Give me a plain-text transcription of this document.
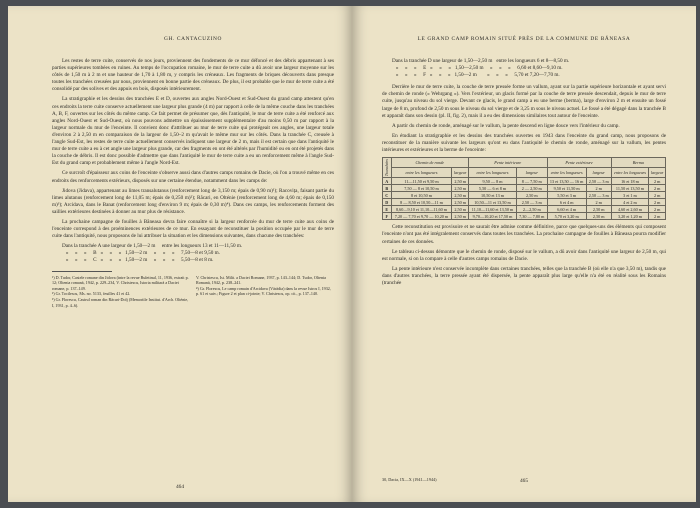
GH. CANTACUZINO

Les restes de terre cuite, conservés de nos jours, proviennent des fondements de ce mur défoncé et des débris appartenant à ses parties supérieures tombées en ruines. Au temps de l'occupation romaine, le mur de terre cuite a dû avoir une largeur moyenne sur les côtés de 1,50 m à 2 m et une hauteur de 1,70 à 1,80 m, y compris les créneaux. Les fragments de briques découverts dans presque toutes les tranchées creusées par nous, proviennent en bonne partie des créneaux. De plus, il est probable que le mur de terre cuite a été consolidé par des solives et des appuis en bois, disposés intérieurement.

La stratigraphie et les dessins des tranchées E et D, ouvertes aux angles Nord-Ouest et Sud-Ouest du grand camp attestent qu'en ces endroits la terre cuite conserve actuellement une largeur plus grande (4 m) par rapport à celle de la même couche dans les tranchées A, B, F, ouvertes sur les côtés du même camp. Ce fait permet de présumer que, dès l'antiquité, le mur de terre cuite a été renforcé aux angles Nord-Ouest et Sud-Ouest, où nous pouvons admettre un épaississement supplémentaire d'au moins 0,50 m par rapport à la largeur normale du mur de l'enceinte. Il convient donc d'attribuer au mur de terre cuite qui protégeait ces angles, une largeur totale d'environ 2 à 2,50 m en comparaison de la largeur de 1,50–2 m qu'avait le même mur sur les côtés. Dans la tranchée C, creusée à l'angle Sud-Est, les restes de terre cuite actuellement conservés indiquent une largeur de 2 m, mais il est certain que dans l'antiquité le mur de terre cuite a eu à cet angle une largeur plus grande, car des fragments en ont été altérés par l'humidité ou en ont été projetés dans la couche de débris. Il est donc possible d'admettre que dans l'antiquité le mur de terre cuite a eu un renforcement même à l'angle Sud-Est du grand camp et probablement même à l'angle Nord-Est.

Ce surcroît d'épaisseur aux coins de l'enceinte s'observe aussi dans d'autres camps romains de Dacie, où l'on a trouvé même en ces endroits des renforcements extérieurs, disposés sur une certaine étendue, notamment dans les camps de:

Jidova (Jidava), appartenant au limes transalutanus (renforcement long de 3,150 m; épais de 0,90 m)¹); Racovița, faisant partie du limes alutanus (renforcement long de 11,05 m; épais de 0,250 m)²); Răcari, en Olténie (renforcement long de 4,60 m; épais de 0,150 m)³); Arcidava, dans le Banat (renforcement long d'environ 9 m; épais de 0,30 m)⁴). Dans ces camps, les renforcements forment des saillies extérieures destinées à donner au mur plus de résistance.

La prochaine campagne de fouilles à Băneasa devra faire connaître si la largeur renforcée du mur de terre cuite aux coins de l'enceinte correspond à des proéminences extérieures de ce mur. En essayant de reconstituer la position occupée par le mur de terre cuite dans l'antiquité, nous proposons de lui attribuer la situation et les dimensions suivantes, dans chacune des tranchées:

Dans la tranchée A une largeur de 1,50—2 m     entre les longueurs 13 et 11—11,50 m.
»     »     »     B   »     »     »   1,50—2 m     »     »     »     7,50—8 et 9,50 m.
»     »     »     C   »     »     »   1,50—2 m     »     »     »     5,50—8 et 8 m.
¹) D. Tudor, Castele romane din Jidova (intre la revue Buletinul, 11, 1936, extrait p. 12; Oltenia romană, 1942, p. 229–234, V. Christescu, Istoria militară a Daciei romane, p. 137–149.
²) Gr. Tocilescu, Ms. no. 5133, feuilles 41 et 42.
³) Gr. Florescu, Castrul roman din Răcari-Dolj (Memoriile Institut. d'Arch. Olténie, I, 1931, p. 4–6).
V. Christescu, Ist. Milit. a Daciei Romane, 1937, p. 143–144; D. Tudor, Oltenia Romană, 1942, p. 238–241.
⁴) Gr. Florescu, Le camp romain d'Arcidava (Vărădia) dans la revue Istros I, 1932, p. 61 et suiv.; Figure 2 et plan ci-jointe; V. Christescu, op. cit., p. 137–140.
464
LE GRAND CAMP ROMAIN SITUÉ PRÈS DE LA COMMUNE DE BĂNEASA
Dans la tranchée D une largeur de 1,50—2,50 m   entre les longueurs 6 et 8—8,50 m.
»     »     »     E   »     »     »   1,50—2,50 m     »     »     »     6,60 et 8,60—9,10 m.
»     »     »     F   »     »     »   1,50—2 m        »     »     »     5,70 et 7,20—7,70 m.

Derrière le mur de terre cuite, la couche de terre pressée forme un vallum, ayant sur la partie supérieure horizontale et ayant servi de chemin de ronde (« Wehrgang »). Vers l'extérieur, un glacis formé par la couche de terre pressée descendait, depuis le mur de terre cuite, jusqu'au niveau du sol vierge. Devant ce glacis, le grand camp a eu une berme (berma), large d'environ 2 m et ensuite un fossé large de 8 m, profond de 2,50 m sous le niveau du sol vierge et de 3,25 m sous le niveau actuel. Le fossé a été dégagé dans la tranchée B et apparaît dans son dessin (pl. II, fig. 2), mais il a eu des dimensions similaires tout autour de l'enceinte.

A partir du chemin de ronde, aménagé sur le vallum, la pente descend en ligne douce vers l'intérieur du camp.

En étudiant la stratigraphie et les dessins des tranchées ouvertes en 1943 dans l'enceinte du grand camp, nous proposons de reconstituer de la manière suivante les largeurs qu'ont eu dans l'antiquité le chemin de ronde, aménagé sur la vallum, les pentes intérieures et extérieures et la berme de l'enceinte:

Tranchées	Chemin de ronde		Pente intérieure		Pente extérieure		Berma	
	entre les longueurs	largeur	entre les longueurs	largeur	entre les longueurs	largeur	entre les longueurs	largeur
A	11—11,50 et 9,50 m	2,50 m	9,50 — 8 m	8 — 7,50 m	13 et 13,50 — 16 m	2,50 — 3 m	16 et 18 m	2 m
B	7,50 — 8 et 10,50 m	2,50 m	5,50 — 6 et 8 m	2 — 2,50 m	9,50 et 11,50 m	2 m	11,50 et 13,50 m	2 m
C	8 et 10,50 m	2,50 m	10,50 et 13 m	2,50 m	5,50 et 3 m	2,50 — 3 m	3 et 1 m	2 m
D	8 — 8,50 et 10,50—11 m	2,50 m	10,50—11 et 13,50 m	2,50 — 3 m	6 et 4 m	2 m	4 et 2 m	2 m
E	8,60—9,10 et 11,10—11,60 m	2,50 m	11,10—11,60 et 13,50 m	2—2,50 m	6,60 et 4 m	2,50 m	4,60 et 2,60 m	2 m
F	7,20 — 7,70 et 9,70 — 10,20 m	2,50 m	9,70—10,20 et 17,50 m	7,30 — 7,80 m	5,70 et 3,20 m	2,50 m	3,20 et 1,20 m	2 m

Cette reconstitution est provisoire et ne saurait être admise comme définitive, parce que quelques-uns des éléments qui composent l'enceinte n'ont pas été intégralement conservés dans toutes les tranchées. La prochaine campagne de fouilles à Băneasa pourra modifier certaines de ces données.

Le tableau ci-dessus démontre que le chemin de ronde, disposé sur le vallum, a dû avoir dans l'antiquité une largeur de 2,50 m, qui est normale, si on la compare à celle d'autres camps romains de Dacie.

La pente intérieure n'est conservée incomplète dans certaines tranchées, telles que la tranchée B (où elle n'a que 3,50 m), tandis que dans d'autres tranchées, la terre pressée ayant été dispersée, la pente apparaît plus large qu'elle n'a été en réalité sous les Romains (tranchée

30, Dacia, IX—X (1941—1944)	465
